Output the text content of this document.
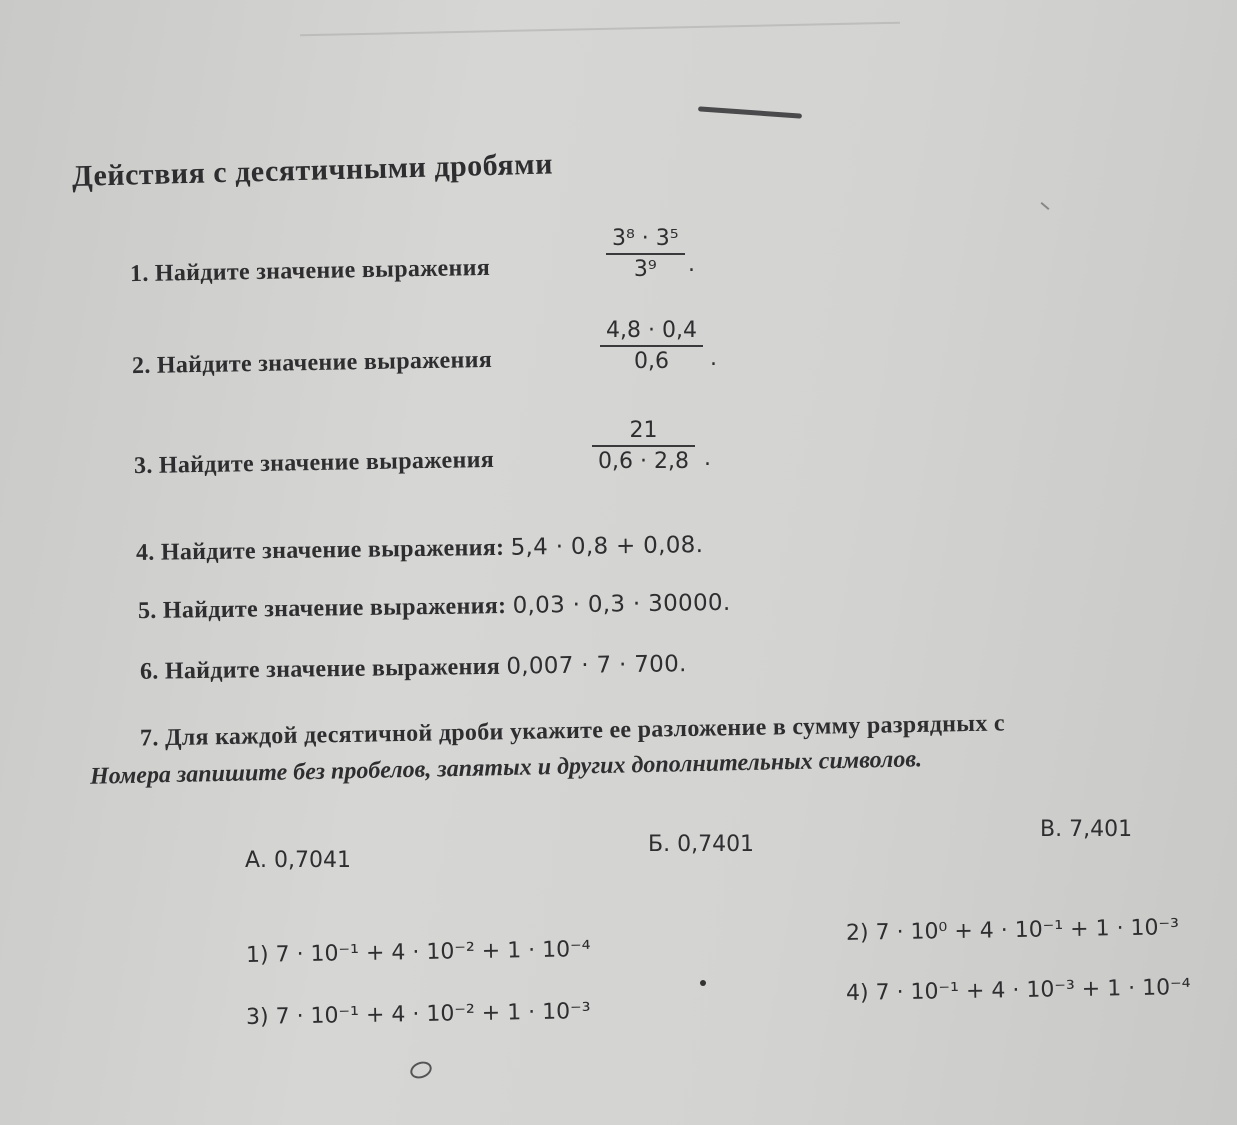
Действия с десятичными дробями
1. Найдите значение выражения
3⁸ · 3⁵
3⁹ .
2. Найдите значение выражения
4,8 · 0,4
0,6 .
3. Найдите значение выражения
21
0,6 · 2,8 .
4. Найдите значение выражения: 5,4 · 0,8 + 0,08.
5. Найдите значение выражения: 0,03 · 0,3 · 30000.
6. Найдите значение выражения 0,007 · 7 · 700.
7. Для каждой десятичной дроби укажите ее разложение в сумму разрядных с
Номера запишите без пробелов, запятых и других дополнительных символов.
А. 0,7041
Б. 0,7401
В. 7,401
1) 7 · 10⁻¹ + 4 · 10⁻² + 1 · 10⁻⁴
2) 7 · 10⁰ + 4 · 10⁻¹ + 1 · 10⁻³
3) 7 · 10⁻¹ + 4 · 10⁻² + 1 · 10⁻³
4) 7 · 10⁻¹ + 4 · 10⁻³ + 1 · 10⁻⁴
